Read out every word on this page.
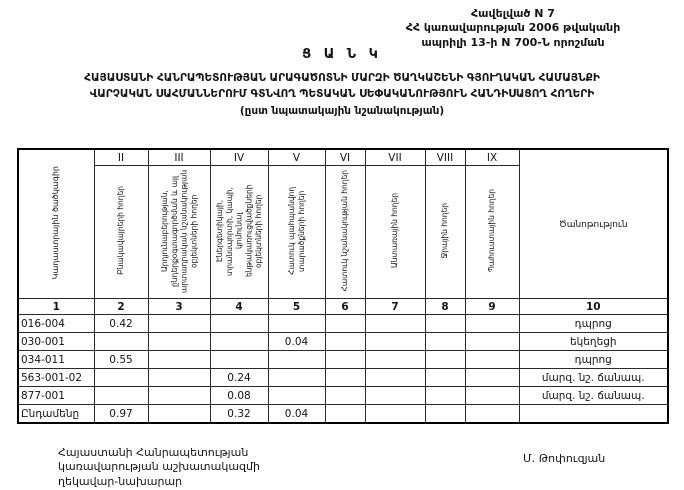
Հավելված N 7
ՀՀ կառավարության 2006 թվականի
ապրիլի 13-ի N 700-Ն որոշման
Ց Ա Ն Կ
ՀԱՅԱՍՏԱՆԻ ՀԱՆՐԱՊԵՏՈՒԹՅԱՆ ԱՐԱԳԱԾՈՏՆԻ ՄԱՐԶԻ ԾԱՂԿԱՇԵՆԻ ԳՅՈՒՂԱԿԱՆ ՀԱՄԱՅՆՔԻ
ՎԱՐՉԱԿԱՆ ՍԱՀՄԱՆՆԵՐՈՒՄ ԳՏՆՎՈՂ ՊԵՏԱԿԱՆ ՍԵՓԱԿԱՆՈՒԹՅՈՒՆ ՀԱՆԴԻՍԱՑՈՂ ՀՈՂԵՐԻ
(ըստ նպատակային նշանակության)
Կադաստրային ծածկագիր	II	III	IV	V	VI	VII	VIII	IX	Ծանոթություն
	Բնակավայրերի հողեր	Արդյունաբերության, ընդերքօգտագործման և այլ արտադրական նշանակության օբյեկտների հողեր	Էներգետիկայի, տրանսպորտի, կապի, կոմունալ ենթակառուցվածքների օբյեկտների հողեր	Հատուկ պահպանվող տարածքների հողեր	Հատուկ նշանակության հողեր	Անտառային հողեր	Ջրային հողեր	Պահուստային հողեր	
1	2	3	4	5	6	7	8	9	10
016-004	0.42								դպրոց
030-001				0.04					եկեղեցի
034-011	0.55								դպրոց
563-001-02			0.24						մարզ. նշ. ճանապ.
877-001			0.08						մարզ. նշ. ճանապ.
Ընդամենը	0.97		0.32	0.04					
Հայաստանի Հանրապետության
կառավարության աշխատակազմի
ղեկավար-նախարար
Մ. Թոփուզյան
